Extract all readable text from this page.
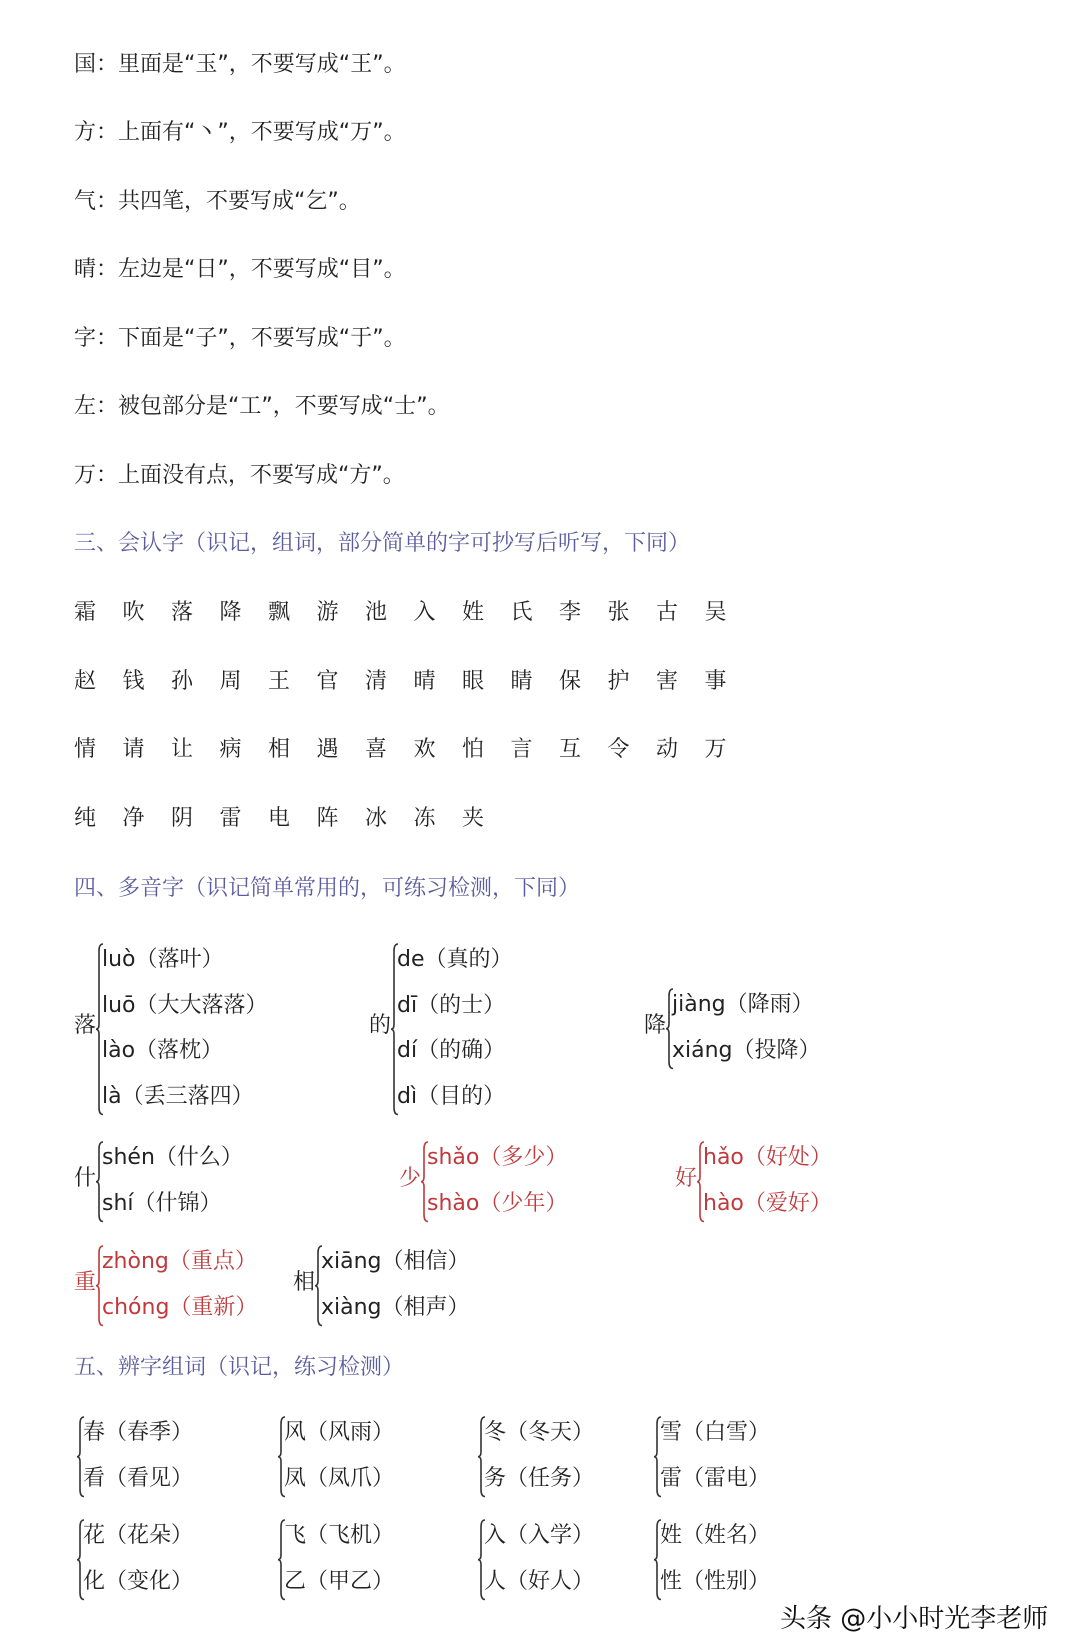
国：里面是“玉”，不要写成“王”。
方：上面有“丶”，不要写成“万”。
气：共四笔，不要写成“乞”。
晴：左边是“日”，不要写成“目”。
字：下面是“子”，不要写成“于”。
左：被包部分是“工”，不要写成“士”。
万：上面没有点，不要写成“方”。
三、会认字（识记，组词，部分简单的字可抄写后听写，下同）
霜 吹 落 降 飘 游 池 入 姓 氏 李 张 古 吴
赵 钱 孙 周 王 官 清 晴 眼 睛 保 护 害 事
情 请 让 病 相 遇 喜 欢 怕 言 互 令 动 万
纯 净 阴 雷 电 阵 冰 冻 夹
四、多音字（识记简单常用的，可练习检测，下同）
落
luò（落叶）
luō（大大落落）
lào（落枕）
là（丢三落四）
的
de（真的）
dī（的士）
dí（的确）
dì（目的）
降
jiàng（降雨）
xiáng（投降）
什
shén（什么）
shí（什锦）
少
shǎo（多少）
shào（少年）
好
hǎo（好处）
hào（爱好）
重
zhòng（重点）
chóng（重新）
相
xiāng（相信）
xiàng（相声）
五、辨字组词（识记，练习检测）
春（春季）
看（看见）
风（风雨）
凤（凤爪）
冬（冬天）
务（任务）
雪（白雪）
雷（雷电）
花（花朵）
化（变化）
飞（飞机）
乙（甲乙）
入（入学）
人（好人）
姓（姓名）
性（性别）
头条 @小小时光李老师
